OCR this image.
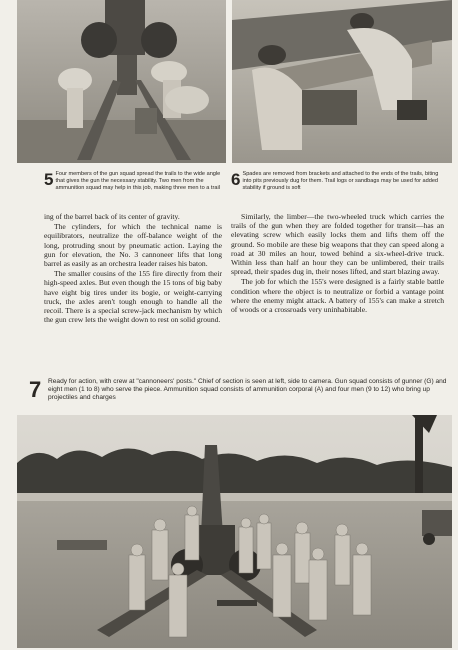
5 Four members of the gun squad spread the trails to the wide angle that gives the gun the necessary stability. Two men from the ammunition squad may help in this job, making three men to a trail 6 Spades are removed from brackets and attached to the ends of the trails, biting into pits previously dug for them. Trail logs or sandbags may be used for added stability if ground is soft

ing of the barrel back of its center of gravity.

The cylinders, for which the technical name is equilibrators, neutralize the off-balance weight of the long, protruding snout by pneumatic action. Laying the gun for elevation, the No. 3 cannoneer lifts that long barrel as easily as an orchestra leader raises his baton.

The smaller cousins of the 155 fire directly from their high-speed axles. But even though the 15 tons of big baby have eight big tires under its bogie, or weight-carrying truck, the axles aren't tough enough to handle all the recoil. There is a special screw-jack mechanism by which the gun crew lets the weight down to rest on solid ground.

Similarly, the limber—the two-wheeled truck which carries the trails of the gun when they are folded together for transit—has an elevating screw which easily locks them and lifts them off the ground. So mobile are these big weapons that they can speed along a road at 30 miles an hour, towed behind a six-wheel-drive truck. Within less than half an hour they can be unlimbered, their trails spread, their spades dug in, their noses lifted, and start blazing away.

The job for which the 155's were designed is a fairly stable battle condition where the object is to neutralize or forbid a vantage point where the enemy might attack. A battery of 155's can make a stretch of woods or a crossroads very uninhabitable.

7 Ready for action, with crew at "cannoneers' posts." Chief of section is seen at left, side to camera. Gun squad consists of gunner (G) and eight men (1 to 8) who serve the piece. Ammunition squad consists of ammunition corporal (A) and four men (9 to 12) who bring up projectiles and charges
